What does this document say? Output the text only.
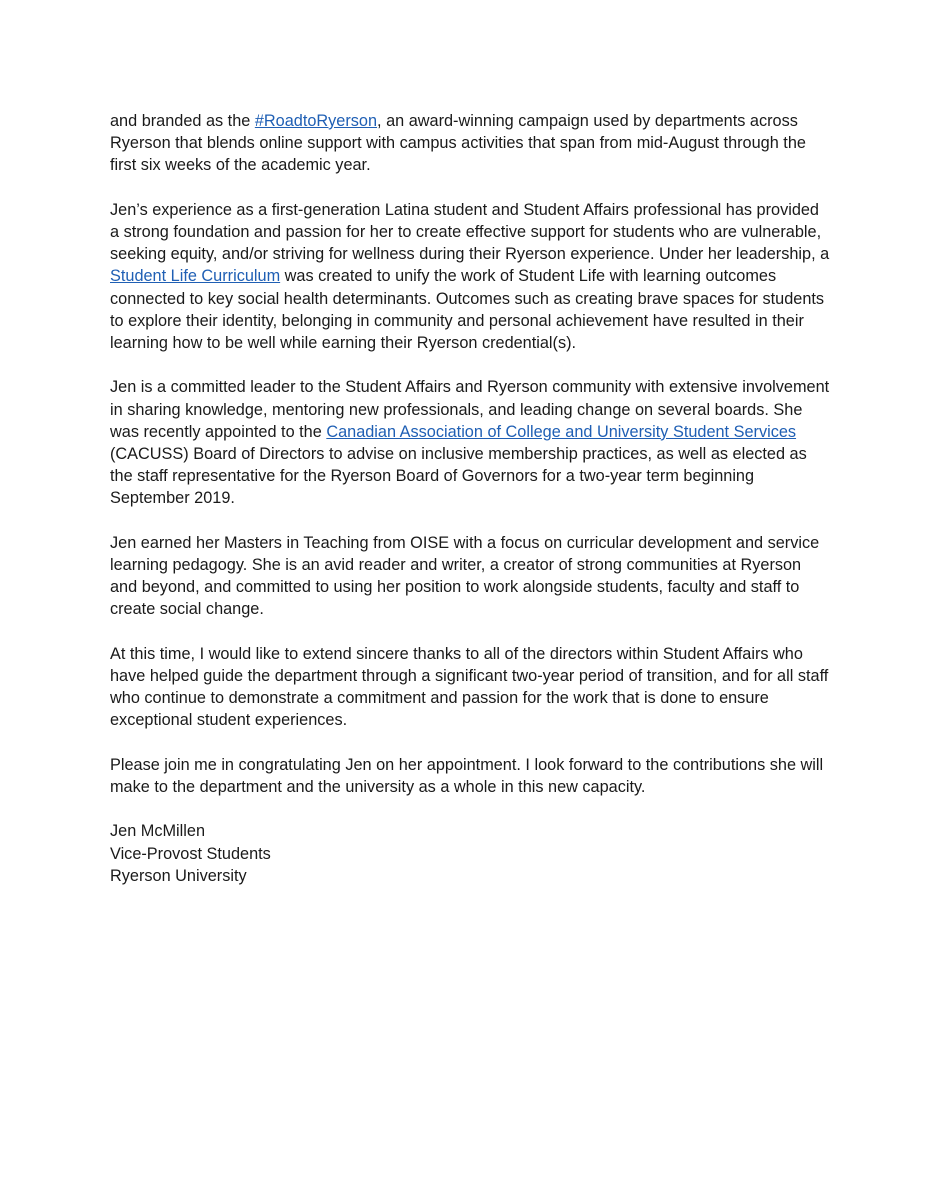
and branded as the #RoadtoRyerson, an award-winning campaign used by departments across Ryerson that blends online support with campus activities that span from mid-August through the first six weeks of the academic year.

Jen’s experience as a first-generation Latina student and Student Affairs professional has provided a strong foundation and passion for her to create effective support for students who are vulnerable, seeking equity, and/or striving for wellness during their Ryerson experience. Under her leadership, a Student Life Curriculum was created to unify the work of Student Life with learning outcomes connected to key social health determinants. Outcomes such as creating brave spaces for students to explore their identity, belonging in community and personal achievement have resulted in their learning how to be well while earning their Ryerson credential(s).

Jen is a committed leader to the Student Affairs and Ryerson community with extensive involvement in sharing knowledge, mentoring new professionals, and leading change on several boards. She was recently appointed to the Canadian Association of College and University Student Services (CACUSS) Board of Directors to advise on inclusive membership practices, as well as elected as the staff representative for the Ryerson Board of Governors for a two-year term beginning September 2019.

Jen earned her Masters in Teaching from OISE with a focus on curricular development and service learning pedagogy. She is an avid reader and writer, a creator of strong communities at Ryerson and beyond, and committed to using her position to work alongside students, faculty and staff to create social change.

At this time, I would like to extend sincere thanks to all of the directors within Student Affairs who have helped guide the department through a significant two-year period of transition, and for all staff who continue to demonstrate a commitment and passion for the work that is done to ensure exceptional student experiences.

Please join me in congratulating Jen on her appointment. I look forward to the contributions she will make to the department and the university as a whole in this new capacity.

Jen McMillen
Vice-Provost Students
Ryerson University
